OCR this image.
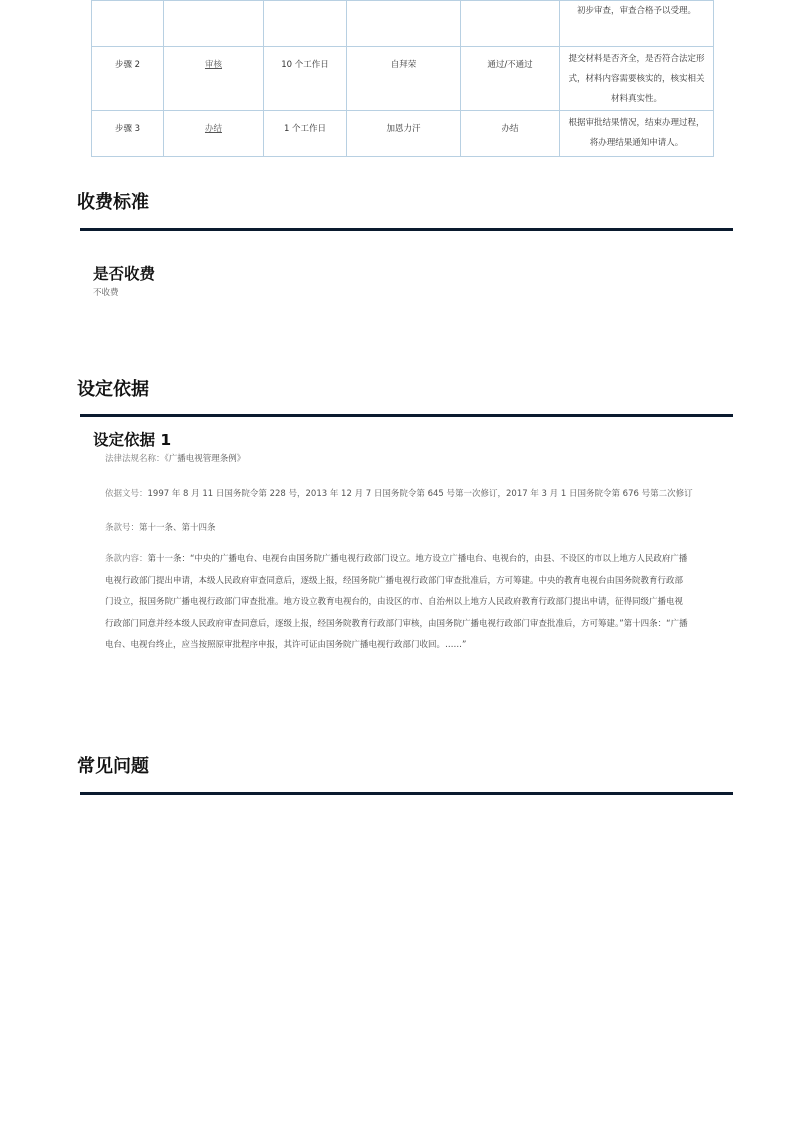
					初步审查，审查合格予以受理。

步骤 2	审核	10 个工作日	自拜荣	通过/不通过	提交材料是否齐全，是否符合法定形式，材料内容需要核实的，核实相关材料真实性。

步骤 3	办结	1 个工作日	加恩力汗	办结	根据审批结果情况，结束办理过程，将办理结果通知申请人。
收费标准
是否收费
不收费
设定依据
设定依据 1
法律法规名称：《广播电视管理条例》
依据文号：1997 年 8 月 11 日国务院令第 228 号，2013 年 12 月 7 日国务院令第 645 号第一次修订，2017 年 3 月 1 日国务院令第 676 号第二次修订
条款号：第十一条、第十四条
条款内容：第十一条：“中央的广播电台、电视台由国务院广播电视行政部门设立。地方设立广播电台、电视台的，由县、不设区的市以上地方人民政府广播电视行政部门提出申请，本级人民政府审查同意后，逐级上报，经国务院广播电视行政部门审查批准后，方可筹建。中央的教育电视台由国务院教育行政部门设立，报国务院广播电视行政部门审查批准。地方设立教育电视台的，由设区的市、自治州以上地方人民政府教育行政部门提出申请，征得同级广播电视行政部门同意并经本级人民政府审查同意后，逐级上报，经国务院教育行政部门审核，由国务院广播电视行政部门审查批准后，方可筹建。”第十四条：“广播电台、电视台终止，应当按照原审批程序申报，其许可证由国务院广播电视行政部门收回。……”
常见问题
